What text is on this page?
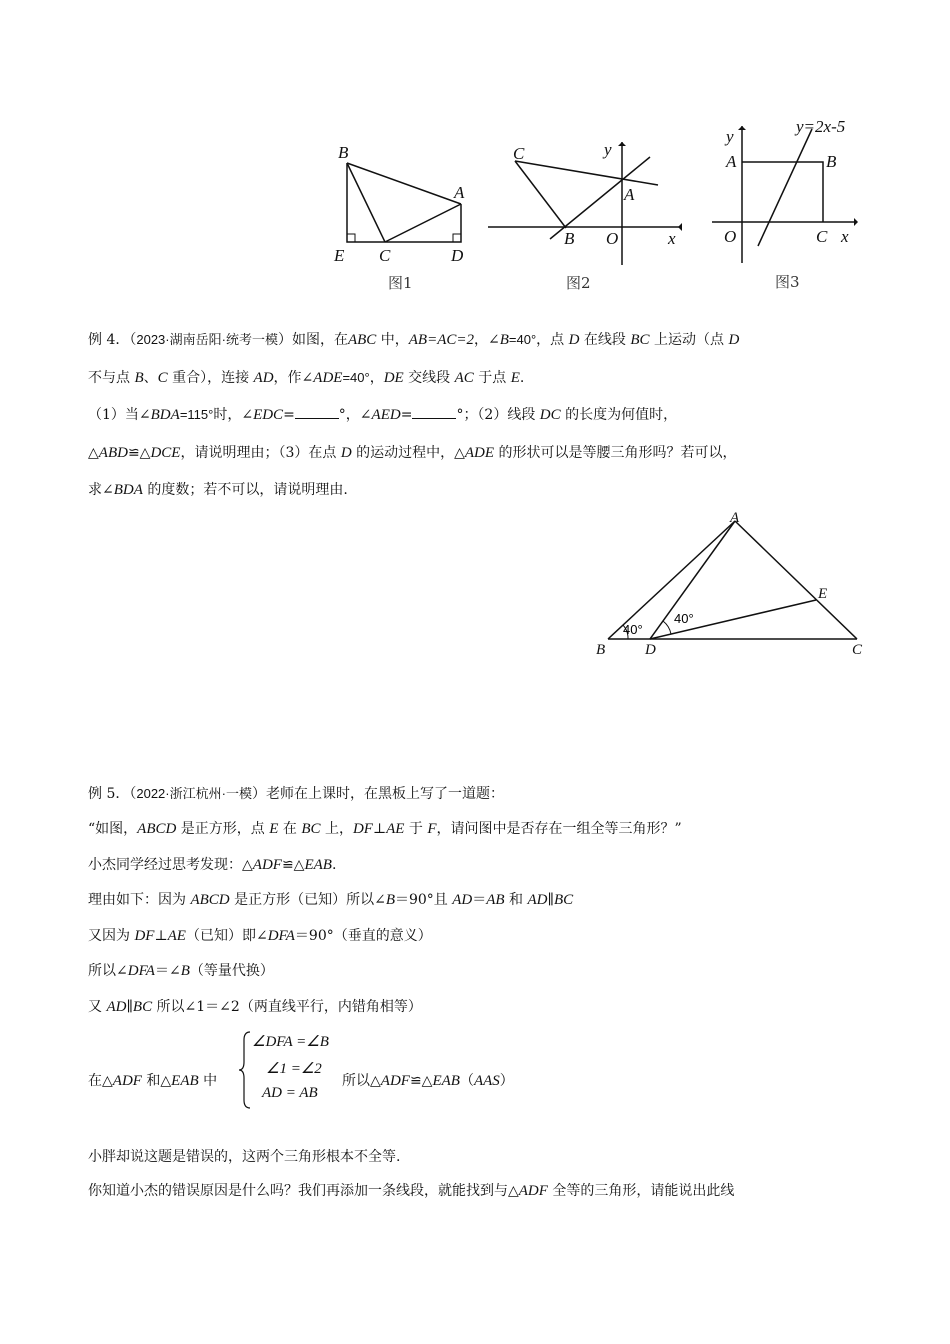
B
A
E C	D
图1
C	y
A
B O	x
图2
y
y=2x-5
A	B
O	C x
图3
例 4．（2023·湖南岳阳·统考一模）如图，在ABC 中，AB=AC=2，∠B=40°，点 D 在线段 BC 上运动（点 D
不与点 B、C 重合），连接 AD，作∠ADE=40°，DE 交线段 AC 于点 E.
（1）当∠BDA=115°时，∠EDC=	°，∠AED=	°；（2）线段 DC 的长度为何值时，
△ABD≌△DCE，请说明理由；（3）在点 D 的运动过程中，△ADE 的形状可以是等腰三角形吗？若可以，
求∠BDA 的度数；若不可以，请说明理由.
A
E
B	D	C
40°
40°
例 5．（2022·浙江杭州·一模）老师在上课时，在黑板上写了一道题：
“如图，ABCD 是正方形，点 E 在 BC 上，DF⊥AE 于 F，请问图中是否存在一组全等三角形？”
小杰同学经过思考发现：△ADF≌△EAB.
理由如下：因为 ABCD 是正方形（已知）所以∠B＝90°且 AD＝AB 和 AD∥BC
又因为 DF⊥AE（已知）即∠DFA＝90°（垂直的意义）
所以∠DFA＝∠B（等量代换）
又 AD∥BC 所以∠1＝∠2（两直线平行，内错角相等）
在△ADF 和△EAB 中
∠DFA =∠B
∠1 =∠2
AD = AB
所以△ADF≌△EAB（AAS）
小胖却说这题是错误的，这两个三角形根本不全等.
你知道小杰的错误原因是什么吗？我们再添加一条线段，就能找到与△ADF 全等的三角形，请能说出此线
